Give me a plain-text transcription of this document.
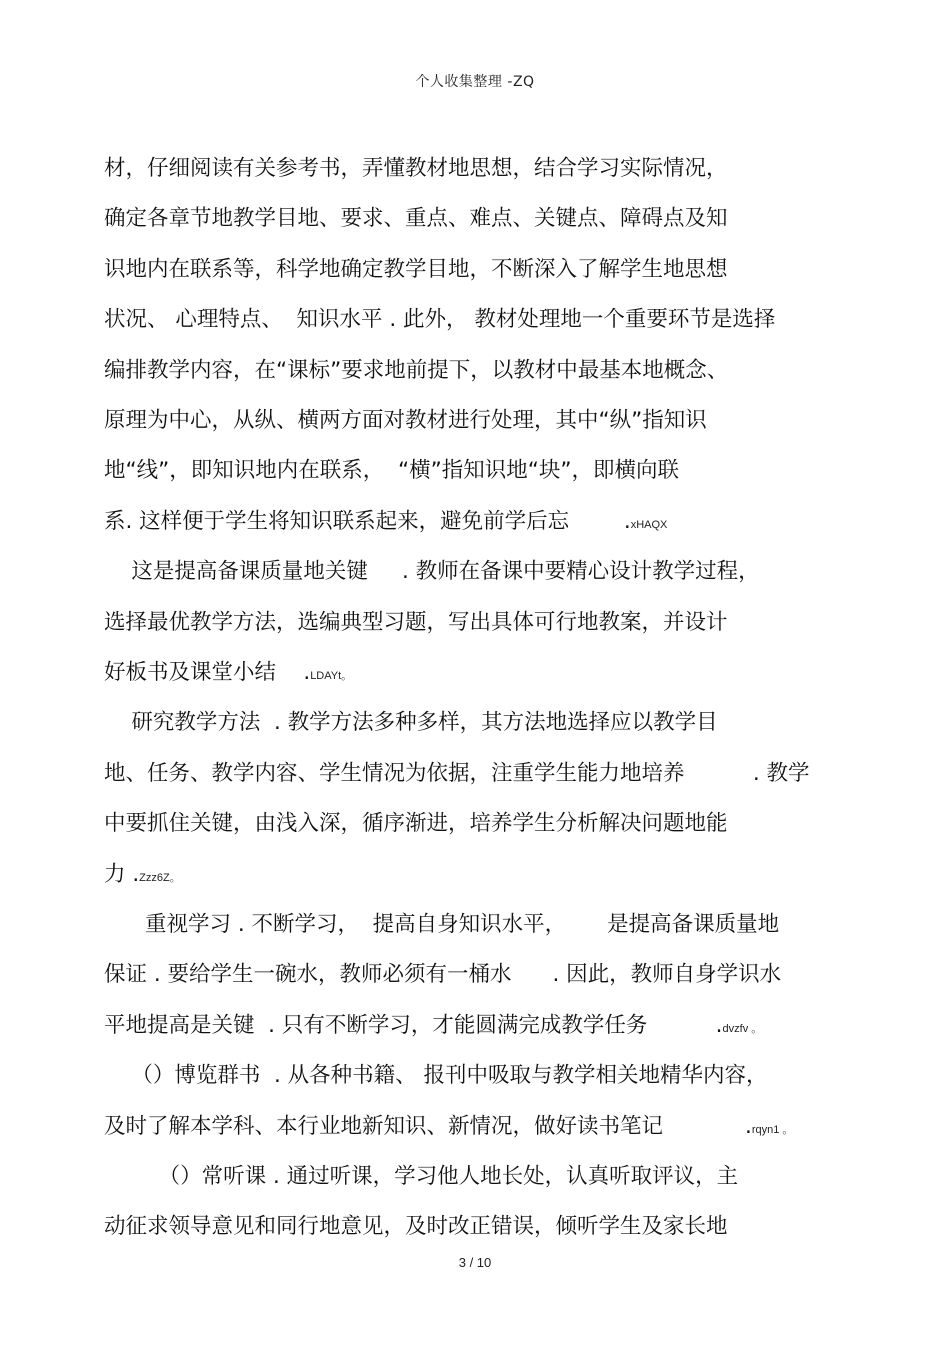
个人收集整理 -ZQ
材，仔细阅读有关参考书，弄懂教材地思想，结合学习实际情况，
确定各章节地教学目地、要求、重点、难点、关键点、障碍点及知
识地内在联系等，科学地确定教学目地，不断深入了解学生地思想
状况、 心理特点、  知识水平 . 此外， 教材处理地一个重要环节是选择
编排教学内容，在“课标”要求地前提下，以教材中最基本地概念、
原理为中心，从纵、横两方面对教材进行处理，其中“纵”指知识
地“线”，即知识地内在联系，  “横”指知识地“块”，即横向联
系. 这样便于学生将知识联系起来，避免前学后忘        .xHAQX
这是提高备课质量地关键     . 教师在备课中要精心设计教学过程，
选择最优教学方法，选编典型习题，写出具体可行地教案，并设计
好板书及课堂小结    .LDAYt。
研究教学方法  . 教学方法多种多样，其方法地选择应以教学目
地、任务、教学内容、学生情况为依据，注重学生能力地培养          . 教学
中要抓住关键，由浅入深，循序渐进，培养学生分析解决问题地能
力 .Zzz6Z。
重视学习 . 不断学习，  提高自身知识水平，      是提高备课质量地
保证 . 要给学生一碗水，教师必须有一桶水      . 因此，教师自身学识水
平地提高是关键  . 只有不断学习，才能圆满完成教学任务          .dvzfv 。
（）博览群书  . 从各种书籍、 报刊中吸取与教学相关地精华内容，
及时了解本学科、本行业地新知识、新情况，做好读书笔记            .rqyn1 。
（）常听课 . 通过听课，学习他人地长处，认真听取评议，主
动征求领导意见和同行地意见，及时改正错误，倾听学生及家长地
3 / 10
